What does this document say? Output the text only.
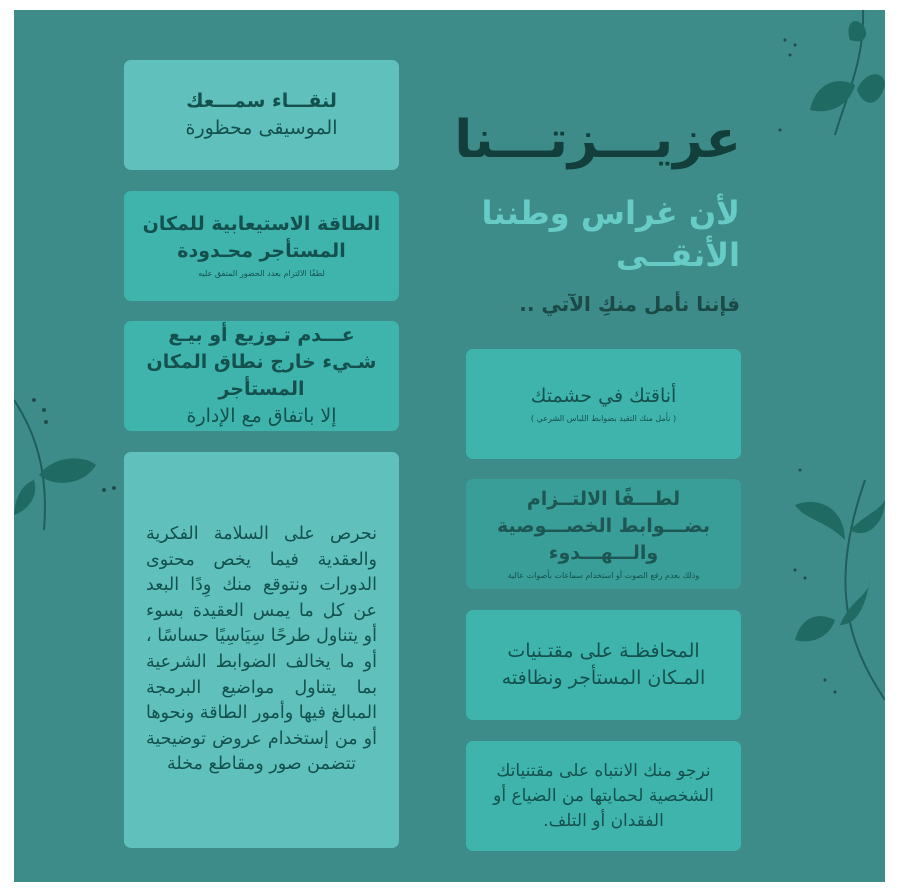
عزيـــزتـــنا
لأن غراس وطننا الأنقــى
فإننا نأمل منكِ الآتي ..
لنقـــاء سمـــعك
الموسيقى محظورة
الطاقة الاستيعابية للمكان المستأجر محـدودة
لطفًا الالتزام بعدد الحضور المتفق عليه
عـــدم تـوزيع أو بيـع شـيء خارج نطاق المكان المستأجر
إلا باتفاق مع الإدارة
نحرص على السلامة الفكرية والعقدية فيما يخص محتوى الدورات ونتوقع منك وِدًا البعد عن كل ما يمس العقيدة بسوء أو يتناول طرحًا سِيَاسِيًا حساسًا ، أو ما يخالف الضوابط الشرعية بما يتناول مواضيع البرمجة المبالغ فيها وأمور الطاقة ونحوها أو من إستخدام عروض توضيحية تتضمن صور ومقاطع مخلة
أناقتك في حشمتك
( نأمل منك التقيد بضوابط اللباس الشرعي )
لطـــفًا الالتــزام بضـــوابط الخصـــوصية والـــهـــدوء
وذلك بعدم رفع الصوت أو استخدام سماعات بأصوات عالية
المحافظـة على مقتـنيات المـكان المستأجر ونظافته
نرجو منك الانتباه على مقتنياتك الشخصية لحمايتها من الضياع أو الفقدان أو التلف.
